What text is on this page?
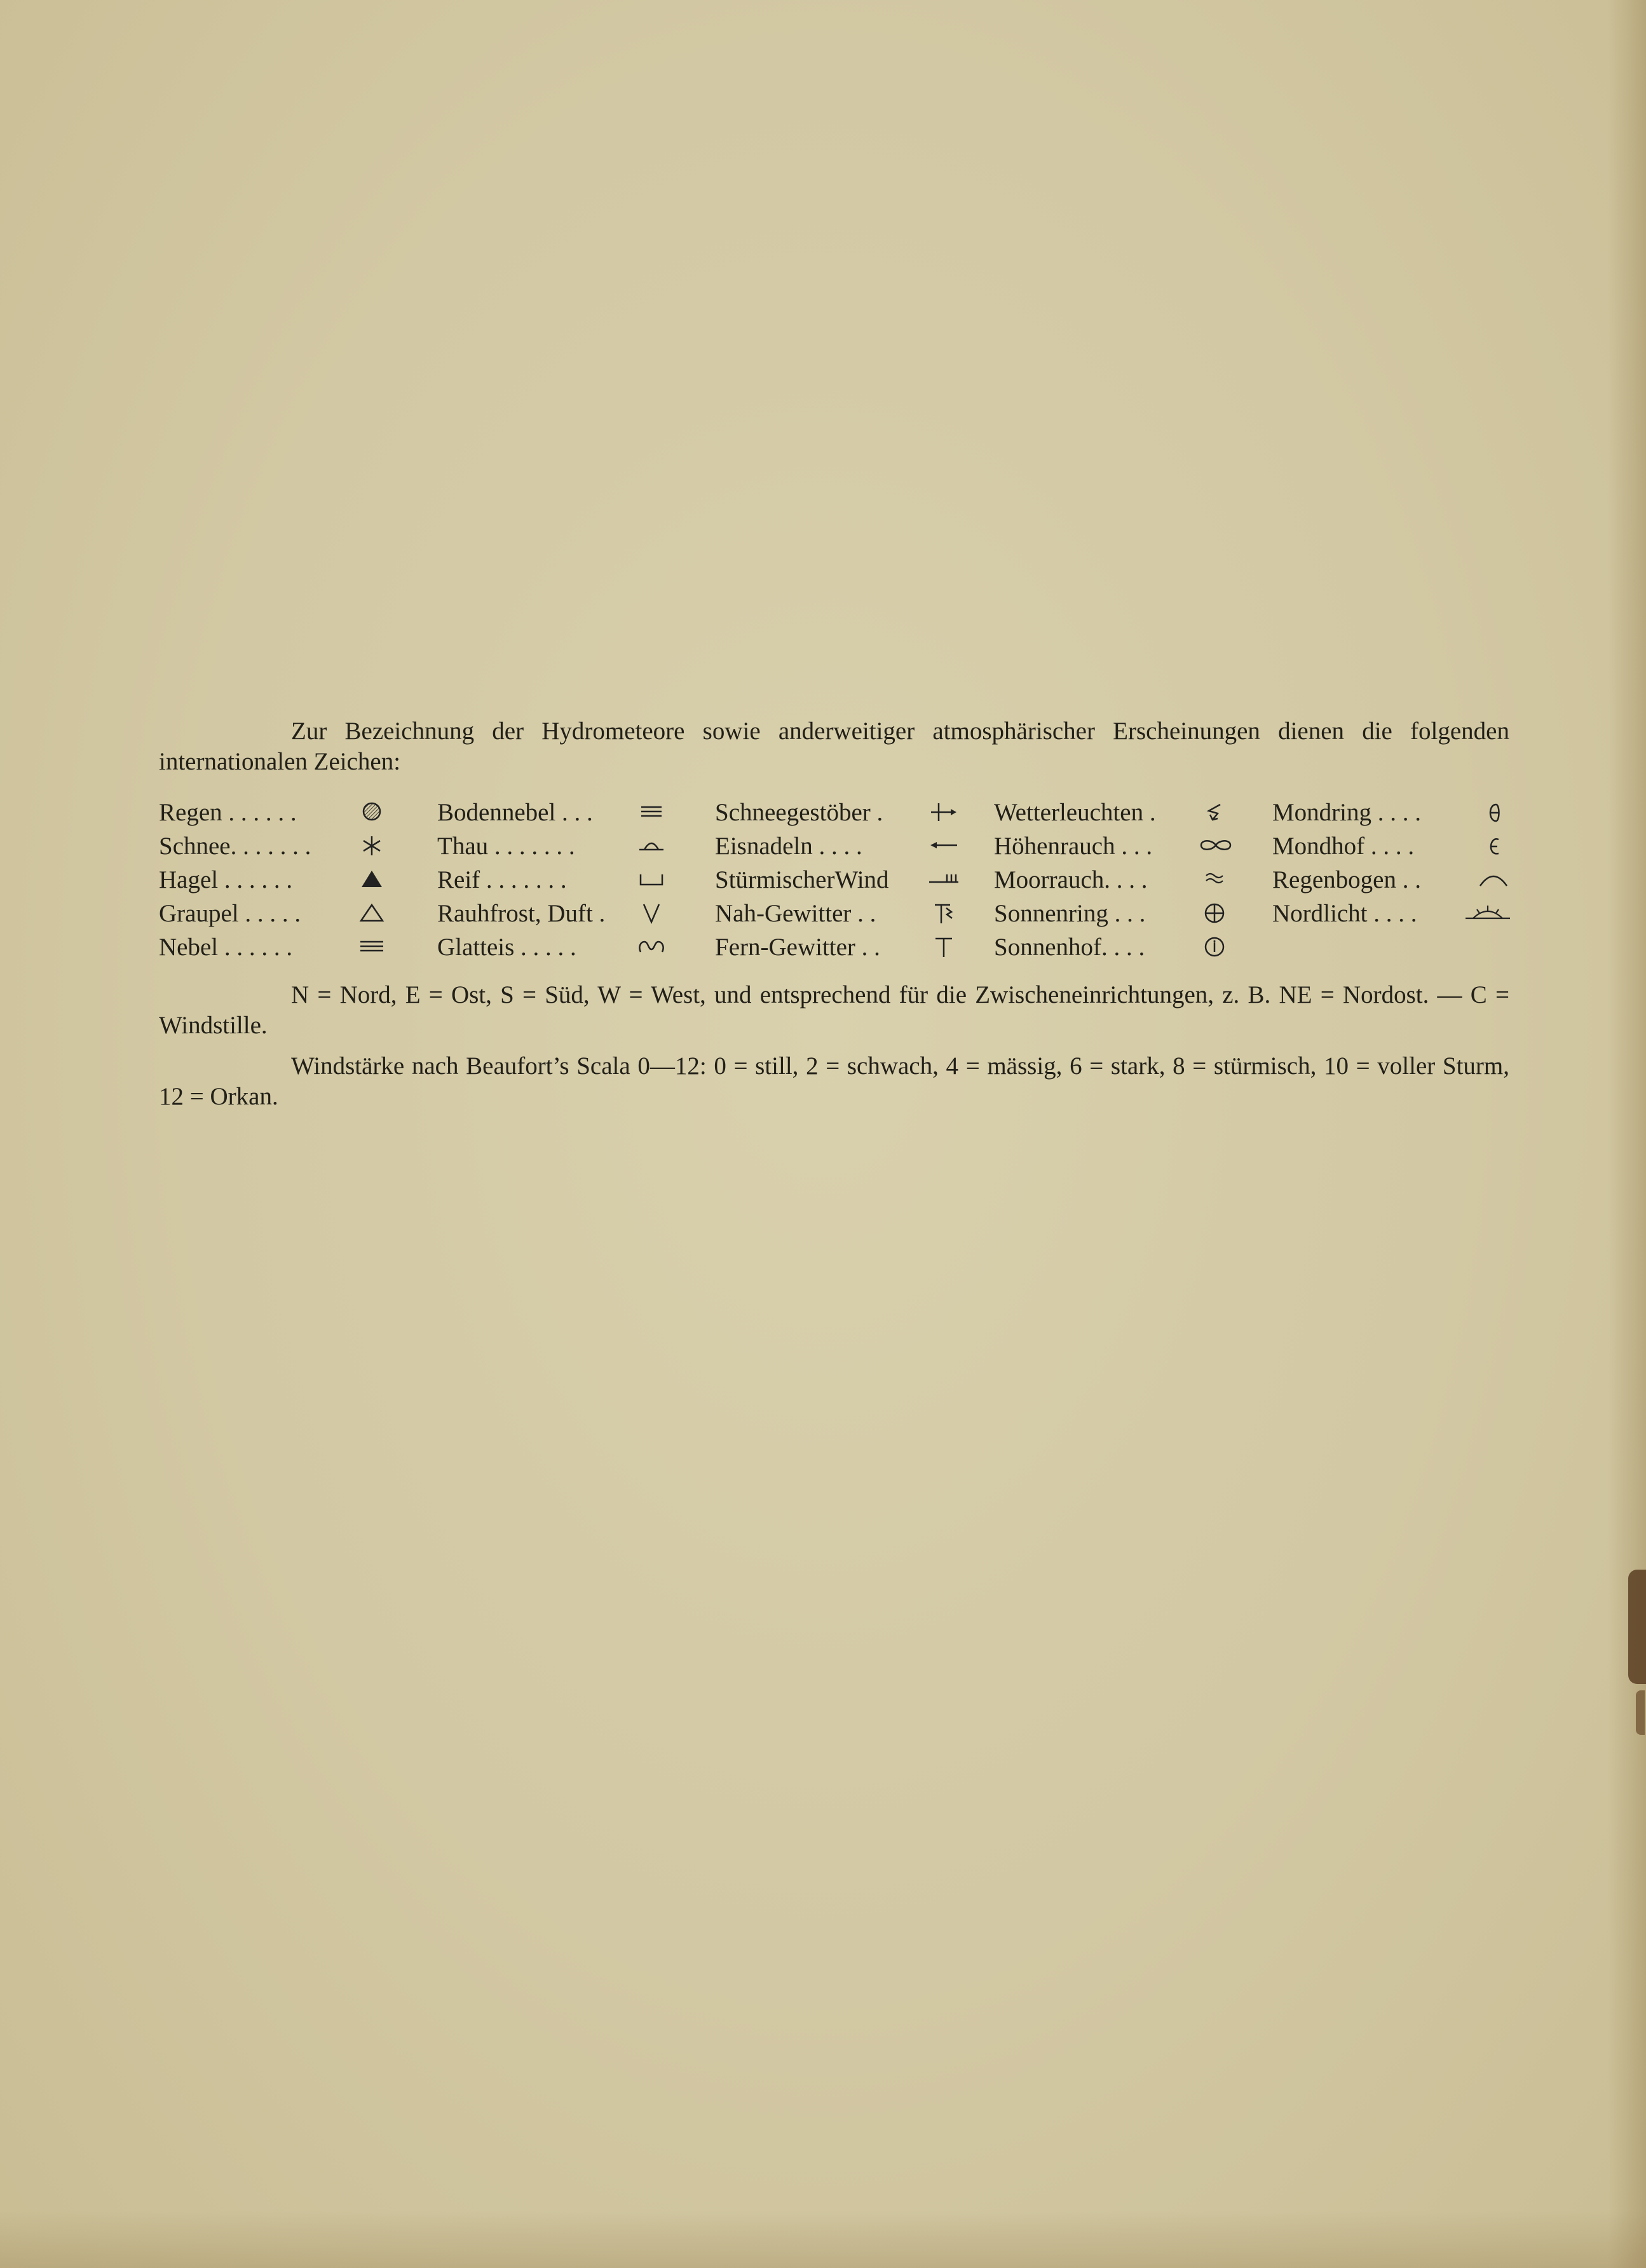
Zur Bezeichnung der Hydrometeore sowie anderweitiger atmosphärischer Erscheinungen dienen die folgenden internationalen Zeichen:
Regen . . . . . .
Schnee. . . . . . .
Hagel . . . . . .
Graupel . . . . .
Nebel . . . . . .
Bodennebel . . .
Thau . . . . . . .
Reif . . . . . . .
Rauhfrost, Duft .
Glatteis . . . . .
Schneegestöber .
Eisnadeln . . . .
StürmischerWind
Nah-Gewitter . .
Fern-Gewitter . .
Wetterleuchten .
Höhenrauch . . .
Moorrauch. . . .
Sonnenring . . .
Sonnenhof. . . .
Mondring . . . .
Mondhof . . . .
Regenbogen . .
Nordlicht . . . .

N = Nord, E = Ost, S = Süd, W = West, und entsprechend für die Zwischeneinrichtungen, z. B. NE = Nordost. — C = Windstille.

Windstärke nach Beaufort’s Scala 0—12: 0 = still, 2 = schwach, 4 = mässig, 6 = stark, 8 = stürmisch, 10 = voller Sturm, 12 = Orkan.
